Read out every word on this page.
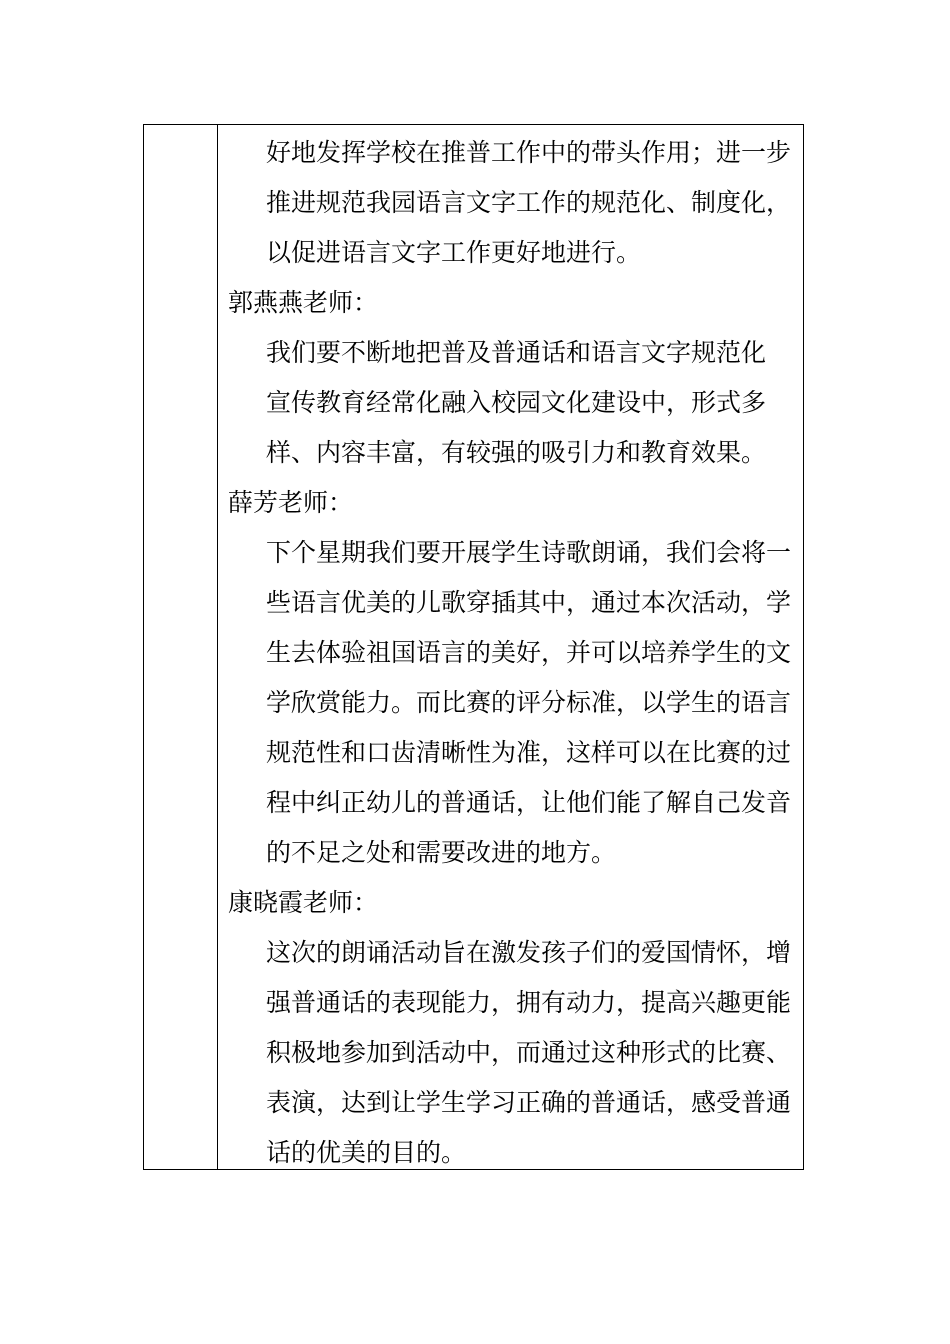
好地发挥学校在推普工作中的带头作用；进一步
推进规范我园语言文字工作的规范化、制度化，
以促进语言文字工作更好地进行。
郭燕燕老师：
我们要不断地把普及普通话和语言文字规范化
宣传教育经常化融入校园文化建设中，形式多
样、内容丰富，有较强的吸引力和教育效果。
薛芳老师：
下个星期我们要开展学生诗歌朗诵，我们会将一
些语言优美的儿歌穿插其中，通过本次活动，学
生去体验祖国语言的美好，并可以培养学生的文
学欣赏能力。而比赛的评分标准，以学生的语言
规范性和口齿清晰性为准，这样可以在比赛的过
程中纠正幼儿的普通话，让他们能了解自己发音
的不足之处和需要改进的地方。
康晓霞老师：
这次的朗诵活动旨在激发孩子们的爱国情怀，增
强普通话的表现能力，拥有动力，提高兴趣更能
积极地参加到活动中，而通过这种形式的比赛、
表演，达到让学生学习正确的普通话，感受普通
话的优美的目的。
